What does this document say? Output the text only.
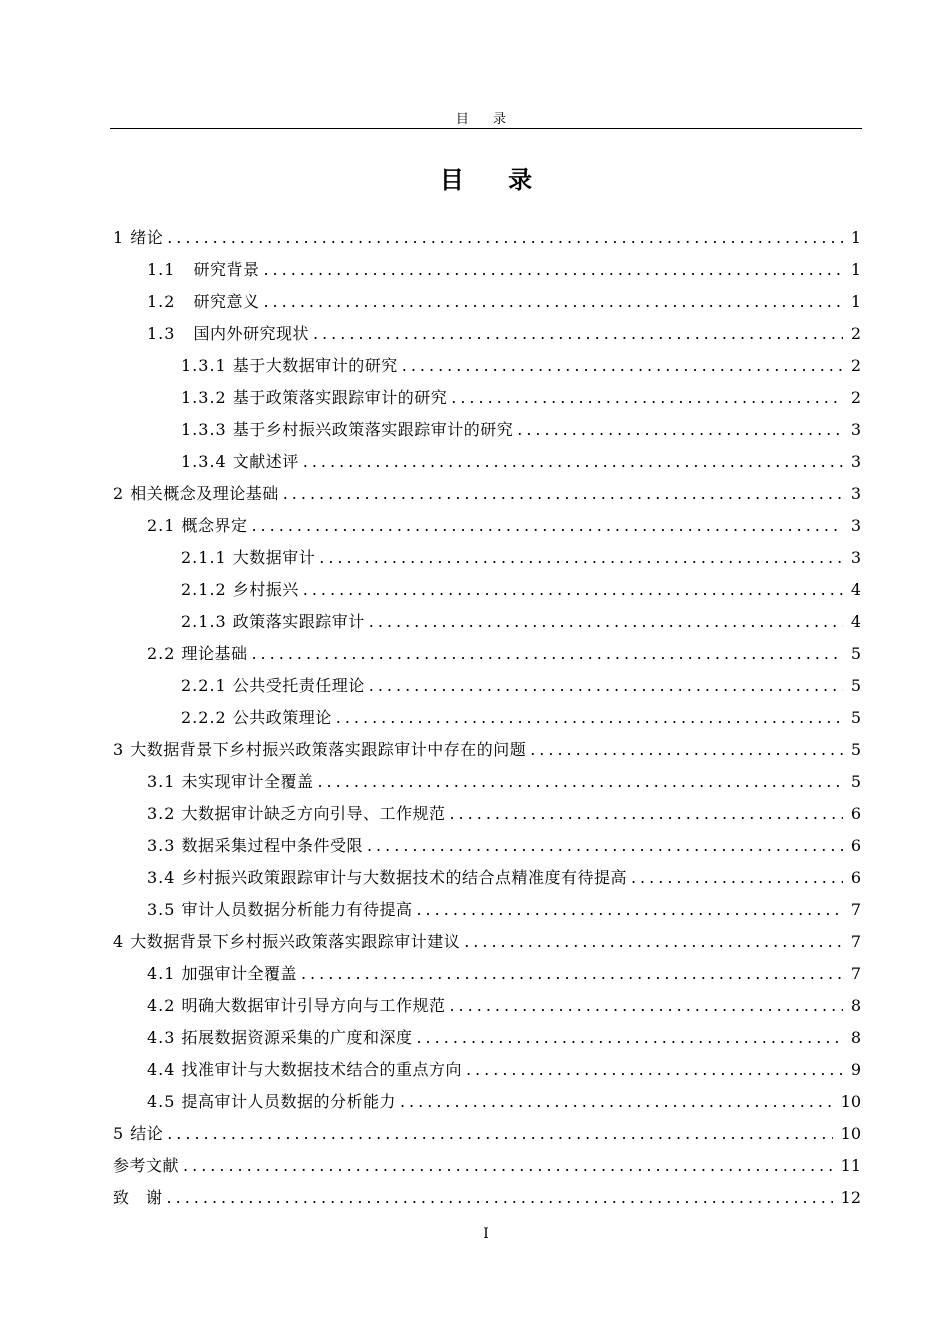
目 录
目 录
1 绪论 .....	1
1.1 研究背景 .....	1
1.2 研究意义 .....	1
1.3 国内外研究现状 .....	2
1.3.1 基于大数据审计的研究 .....	2
1.3.2 基于政策落实跟踪审计的研究 .....	2
1.3.3 基于乡村振兴政策落实跟踪审计的研究 .....	3
1.3.4 文献述评 .....	3
2 相关概念及理论基础 .....	3
2.1 概念界定 .....	3
2.1.1 大数据审计 .....	3
2.1.2 乡村振兴 .....	4
2.1.3 政策落实跟踪审计 .....	4
2.2 理论基础 .....	5
2.2.1 公共受托责任理论 .....	5
2.2.2 公共政策理论 .....	5
3 大数据背景下乡村振兴政策落实跟踪审计中存在的问题 .....	5
3.1 未实现审计全覆盖 .....	5
3.2 大数据审计缺乏方向引导、工作规范 .....	6
3.3 数据采集过程中条件受限 .....	6
3.4 乡村振兴政策跟踪审计与大数据技术的结合点精准度有待提高 .....	6
3.5 审计人员数据分析能力有待提高 .....	7
4 大数据背景下乡村振兴政策落实跟踪审计建议 .....	7
4.1 加强审计全覆盖 .....	7
4.2 明确大数据审计引导方向与工作规范 .....	8
4.3 拓展数据资源采集的广度和深度 .....	8
4.4 找准审计与大数据技术结合的重点方向 .....	9
4.5 提高审计人员数据的分析能力 .....	10
5 结论 .....	10
参考文献 .....	11
致　谢 .....	12
I
